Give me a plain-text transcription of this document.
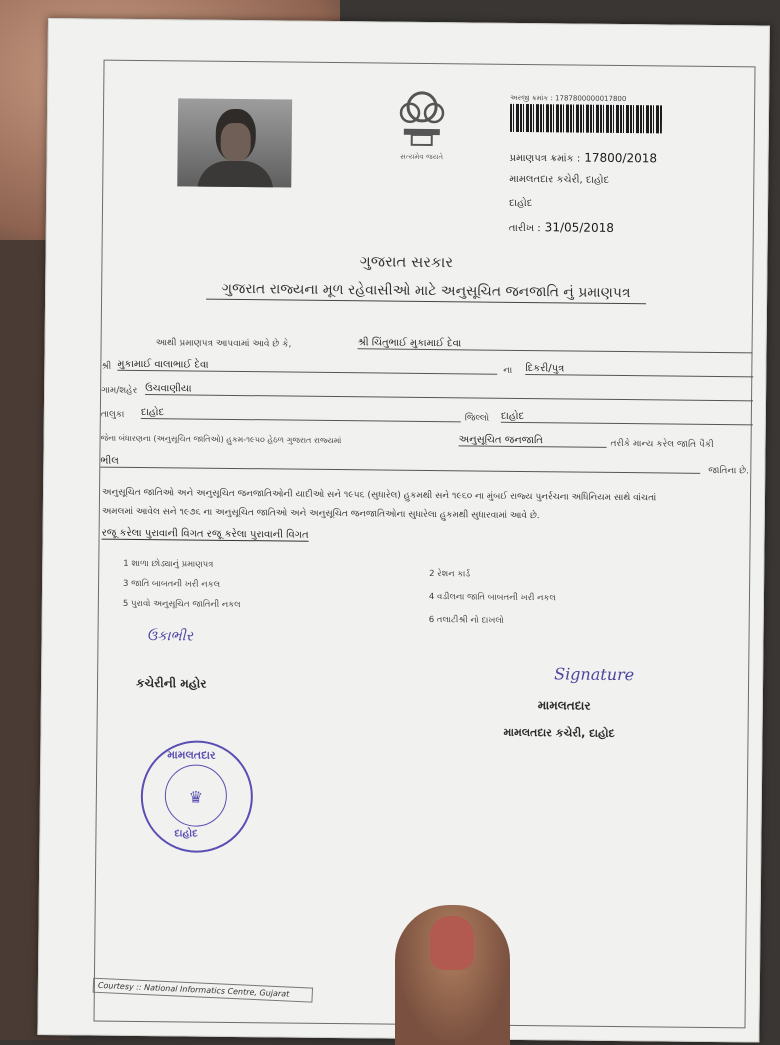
સત્યમેવ જયતે
અરજી ક્રમાંક : 1787800000017800
પ્રમાણપત્ર ક્રમાંક : 17800/2018
મામલતદાર કચેરી, દાહોદ
દાહોદ
તારીખ : 31/05/2018
ગુજરાત સરકાર
ગુજરાત રાજ્યના મૂળ રહેવાસીઓ માટે અનુસૂચિત જનજાતિ નું પ્રમાણપત્ર
આથી પ્રમાણપત્ર આપવામાં આવે છે કે,	શ્રી ચિંતુભાઈ મુકામાઈ દેવા
શ્રી મુકામાઈ વાલાભાઈ દેવા
ના દિકરી/પુત્ર
ગામ/શહેર ઉચવાણીયા
તાલુકા દાહોદ
જિલ્લો દાહોદ
જેના બંધારણના (અનુસૂચિત જાતિઓ) હુકમ-૧૯૫૦ હેઠળ ગુજરાત રાજ્યમાં	અનુસૂચિત જનજાતિ	તરીકે માન્ય કરેલ જાતિ પૈકી
ભીલ
જાતિના છે.
અનુસૂચિત જાતિઓ અને અનુસૂચિત જનજાતિઓની યાદીઓ સને ૧૯૫૬ (સુધારેલ) હુકમથી સને ૧૯૬૦ ના મુંબઈ રાજ્ય પુનર્રચના અધિનિયમ સાથે વાંચતાં
અમલમાં આવેલ સને ૧૯૭૬ ના અનુસૂચિત જાતિઓ અને અનુસૂચિત જનજાતિઓના સુધારેલા હુકમથી સુધારવામાં આવે છે.
રજૂ કરેલા પુરાવાની વિગત રજૂ કરેલા પુરાવાની વિગત
1 શાળા છોડ્યાનું પ્રમાણપત્ર
3 જાતિ બાબતની ખરી નકલ
5 પુરાવો અનુસૂચિત જાતિની નકલ
2 રેશન કાર્ડ
4 વડીલના જાતિ બાબતની ખરી નકલ
6 તલાટીશ્રી નો દાખલો
ઉકાભીર
કચેરીની મહોર	Signature
મામલતદાર
મામલતદાર કચેરી, દાહોદ
મામલતદાર
♛
દાહોદ
Courtesy :: National Informatics Centre, Gujarat
